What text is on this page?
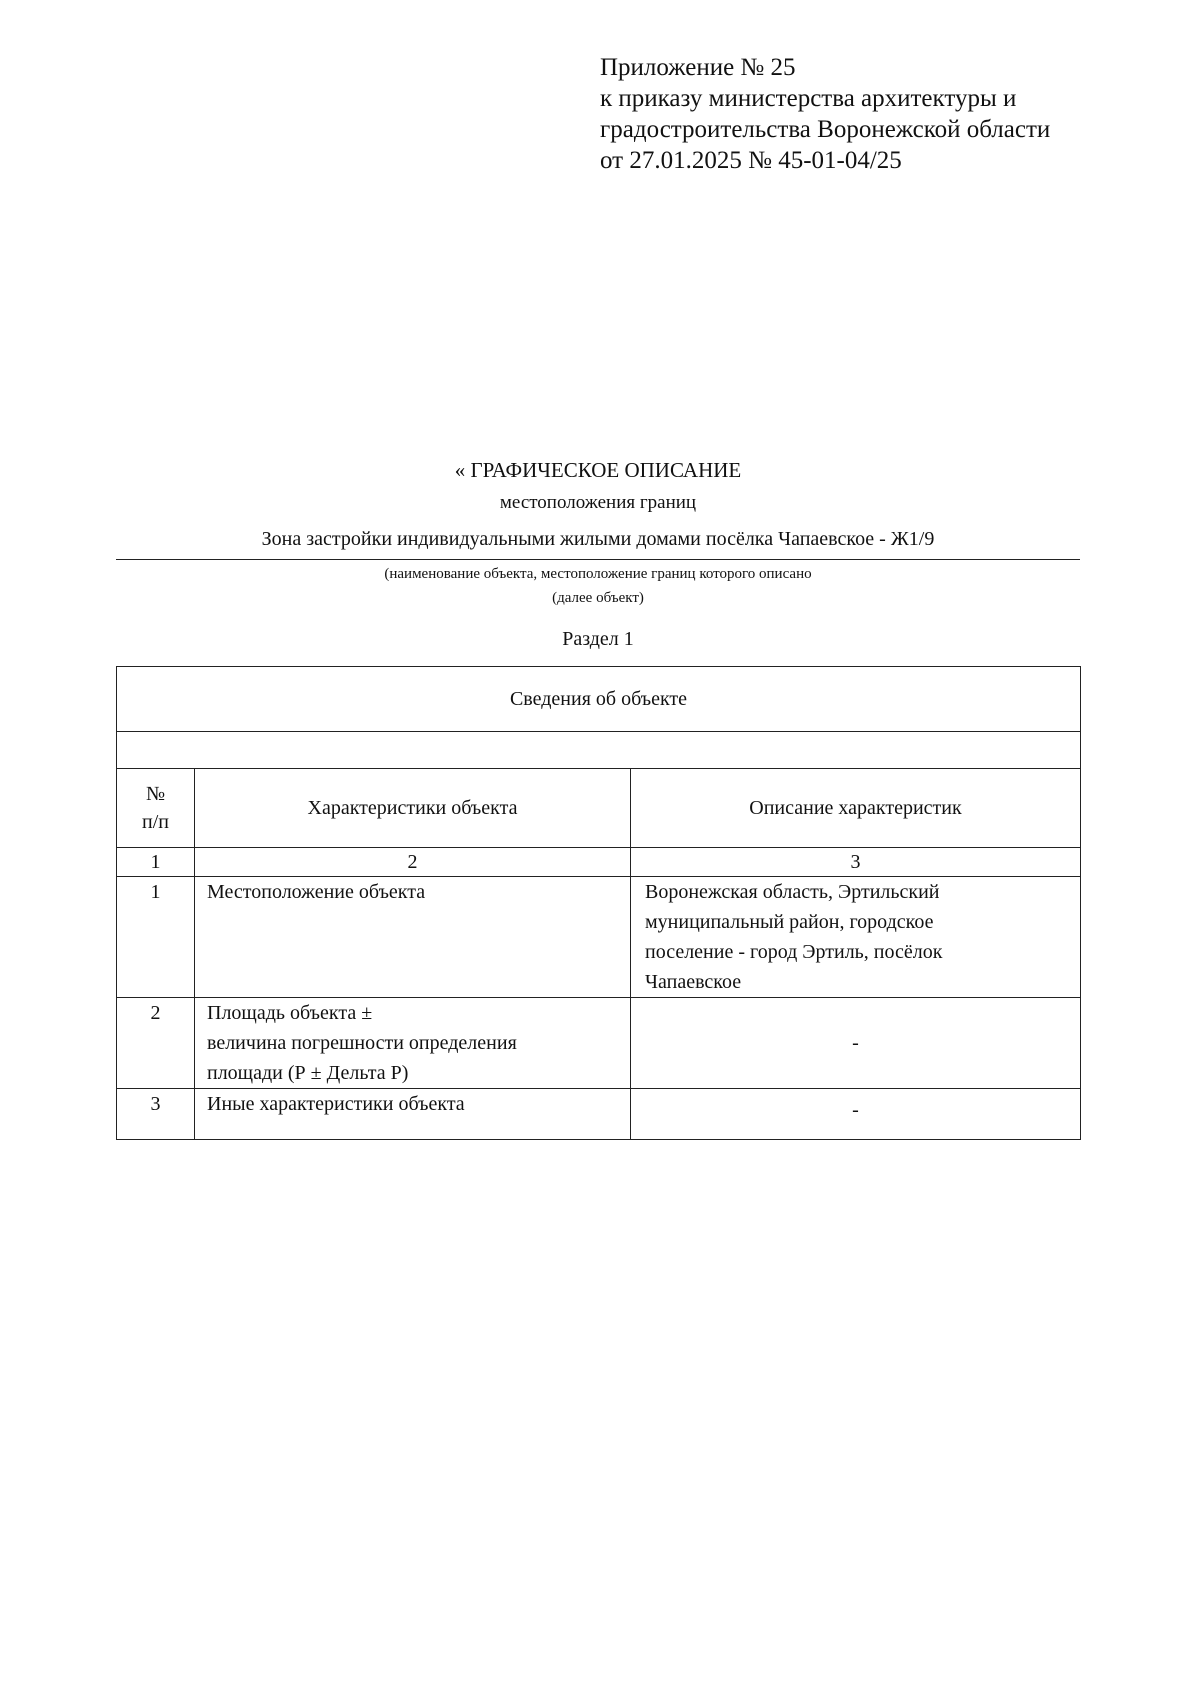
Приложение № 25
к приказу министерства архитектуры и
градостроительства Воронежской области
от 27.01.2025 № 45-01-04/25
« ГРАФИЧЕСКОЕ ОПИСАНИЕ
местоположения границ
Зона застройки индивидуальными жилыми домами посёлка Чапаевское - Ж1/9
(наименование объекта, местоположение границ которого описано
(далее объект)
Раздел 1
Сведения об объекте		

№
п/п	Характеристики объекта	Описание характеристик
1	2	3
1	Местоположение объекта	Воронежская область, Эртильский
муниципальный район, городское
поселение - город Эртиль, посёлок
Чапаевское

2	Площадь объекта ±
величина погрешности определения
площади (Р ± Дельта Р)	-
3	Иные характеристики объекта	-
